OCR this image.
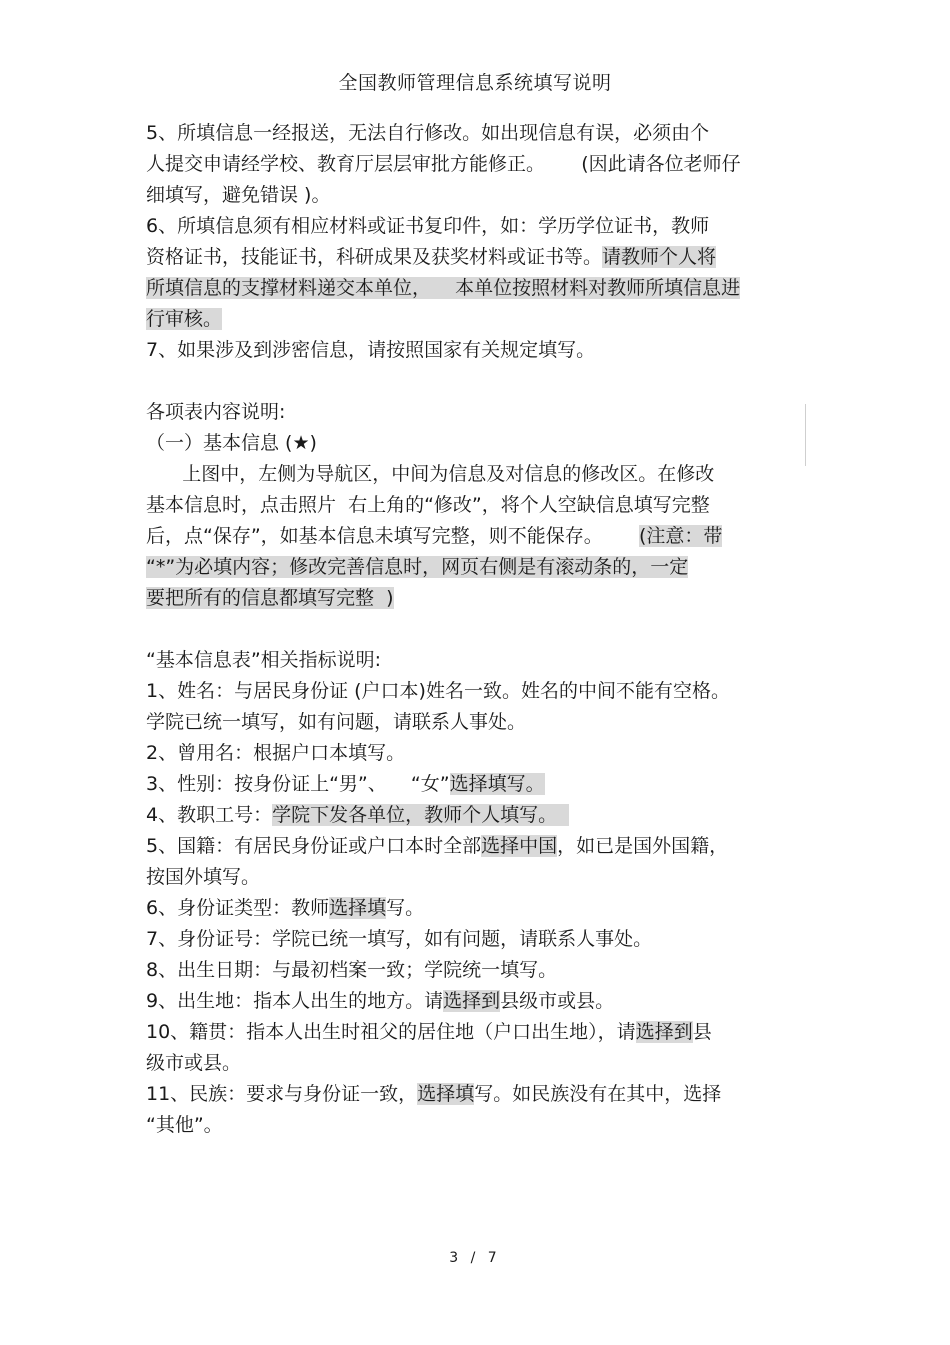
全国教师管理信息系统填写说明
5、所填信息一经报送，无法自行修改。如出现信息有误，必须由个
人提交申请经学校、教育厅层层审批方能修正。      (因此请各位老师仔
细填写，避免错误 )。
6、所填信息须有相应材料或证书复印件，如：学历学位证书，教师
资格证书，技能证书，科研成果及获奖材料或证书等。请教师个人将
所填信息的支撑材料递交本单位，    本单位按照材料对教师所填信息进
行审核。
7、如果涉及到涉密信息，请按照国家有关规定填写。
各项表内容说明:
（一）基本信息 (★)
上图中，左侧为导航区，中间为信息及对信息的修改区。在修改
基本信息时，点击照片  右上角的“修改”，将个人空缺信息填写完整
后，点“保存”，如基本信息未填写完整，则不能保存。      (注意：带
“*”为必填内容；修改完善信息时，网页右侧是有滚动条的，一定
要把所有的信息都填写完整  )
“基本信息表”相关指标说明:
1、姓名：与居民身份证 (户口本)姓名一致。姓名的中间不能有空格。
学院已统一填写，如有问题，请联系人事处。
2、曾用名：根据户口本填写。
3、性别：按身份证上“男”、    “女”选择填写。
4、教职工号：学院下发各单位，教师个人填写。
5、国籍：有居民身份证或户口本时全部选择中国，如已是国外国籍，
按国外填写。
6、身份证类型：教师选择填写。
7、身份证号：学院已统一填写，如有问题，请联系人事处。
8、出生日期：与最初档案一致；学院统一填写。
9、出生地：指本人出生的地方。请选择到县级市或县。
10、籍贯：指本人出生时祖父的居住地（户口出生地），请选择到县
级市或县。
11、民族：要求与身份证一致，选择填写。如民族没有在其中，选择
“其他”。
3 / 7
